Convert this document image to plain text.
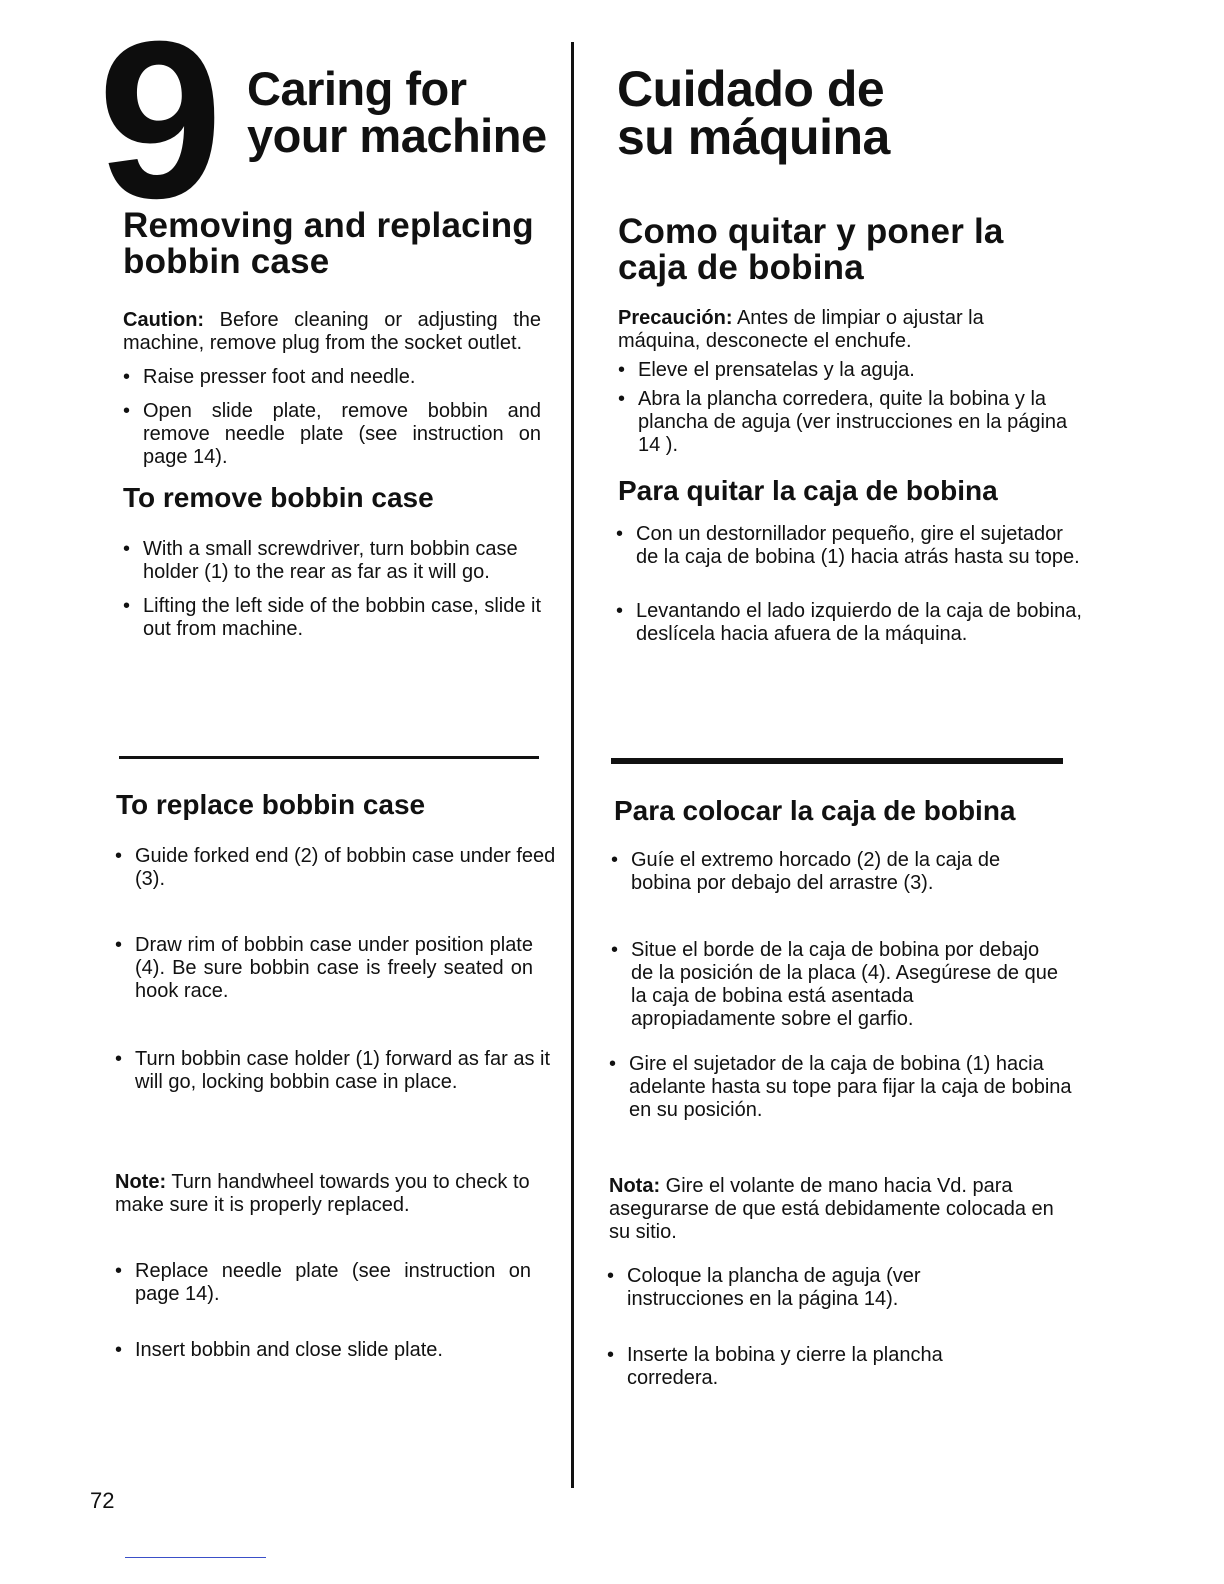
9 Caring for
your machine
Cuidado de
su máquina
Removing and replacing
bobbin case
Caution: Before cleaning or adjusting the machine, remove plug from the socket outlet.
• Raise presser foot and needle.
• Open slide plate, remove bobbin and remove needle plate (see instruction on page 14).
To remove bobbin case
• With a small screwdriver, turn bobbin case holder (1) to the rear as far as it will go.
• Lifting the left side of the bobbin case, slide it out from machine.
To replace bobbin case
• Guide forked end (2) of bobbin case under feed (3).
• Draw rim of bobbin case under position plate (4). Be sure bobbin case is freely seated on hook race.
• Turn bobbin case holder (1) forward as far as it will go, locking bobbin case in place.
Note: Turn handwheel towards you to check to make sure it is properly replaced.
• Replace needle plate (see instruction on page 14).
• Insert bobbin and close slide plate.
Como quitar y poner la
caja de bobina
Precaución: Antes de limpiar o ajustar la máquina, desconecte el enchufe.
• Eleve el prensatelas y la aguja.
• Abra la plancha corredera, quite la bobina y la plancha de aguja (ver instrucciones en la página 14 ).
Para quitar la caja de bobina
• Con un destornillador pequeño, gire el sujetador de la caja de bobina (1) hacia atrás hasta su tope.
• Levantando el lado izquierdo de la caja de bobina, deslícela hacia afuera de la máquina.
Para colocar la caja de bobina
• Guíe el extremo horcado (2) de la caja de bobina por debajo del arrastre (3).
• Situe el borde de la caja de bobina por debajo de la posición de la placa (4). Asegúrese de que la caja de bobina está asentada apropiadamente sobre el garfio.
• Gire el sujetador de la caja de bobina (1) hacia adelante hasta su tope para fijar la caja de bobina en su posición.
Nota: Gire el volante de mano hacia Vd. para asegurarse de que está debidamente colocada en su sitio.
• Coloque la plancha de aguja (ver instrucciones en la página 14).
• Inserte la bobina y cierre la plancha corredera.
72
